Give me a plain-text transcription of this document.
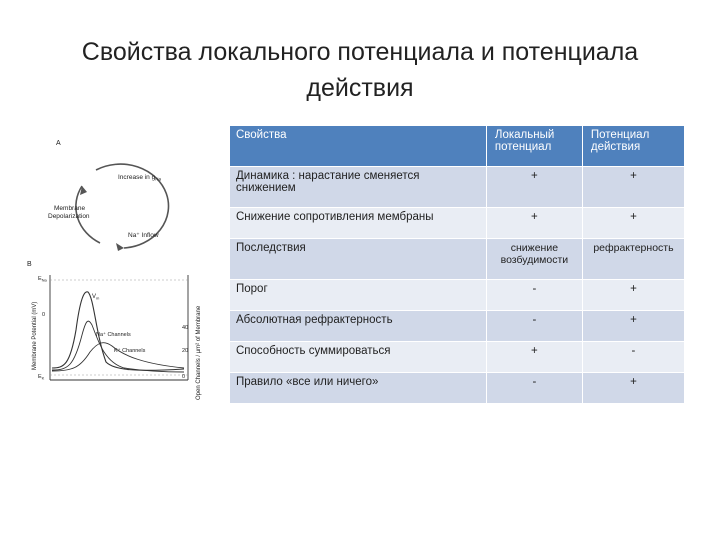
Свойства локального потенциала и потенциала
действия
A
Increase in $g_{Na}$
Membrane
Depolarization
Na⁺ Inflow
B
Membrane Potential (mV)	Open Channels / μm² of Membrane
$E_{Na}$
$E_K$
0
40
20
0
$V_m$
Na⁺ Channels
K⁺ Channels
Свойства	Локальный потенциал	Потенциал действия
Динамика : нарастание сменяется снижением	+	+
Снижение сопротивления мембраны	+	+
Последствия	снижение возбудимости	рефрактерность
Порог	-	+
Абсолютная рефрактерность	-	+
Способность суммироваться	+	-
Правило «все или ничего»	-	+
